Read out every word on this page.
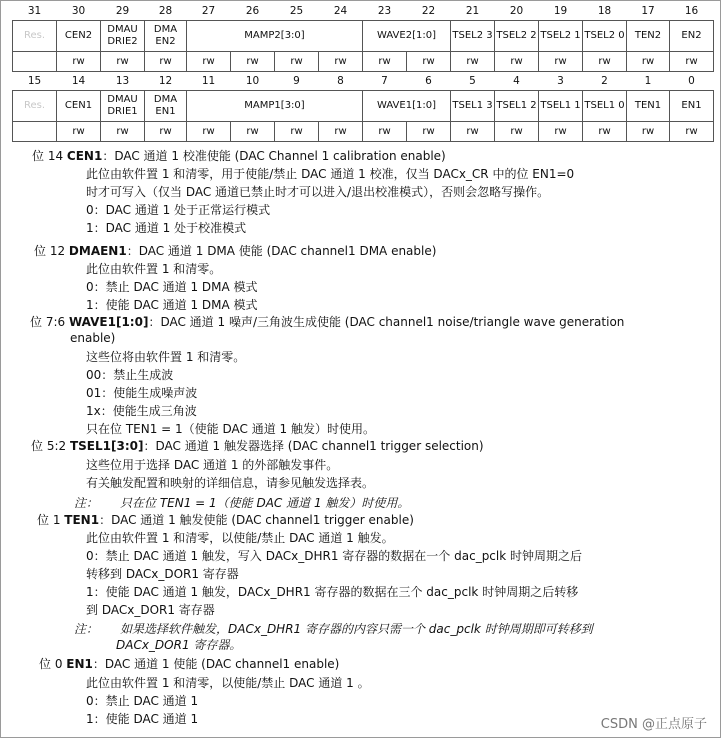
31	30	29	28	27	26	25	24	23	22	21	20	19	18	17	16
Res.	CEN2	DMAU DRIE2	DMA EN2	MAMP2[3:0]				WAVE2[1:0]		TSEL2 3	TSEL2 2	TSEL2 1	TSEL2 0	TEN2	EN2
	rw	rw	rw	rw	rw	rw	rw	rw	rw	rw	rw	rw	rw	rw	rw
15	14	13	12	11	10	9	8	7	6	5	4	3	2	1	0
Res.	CEN1	DMAU DRIE1	DMA EN1	MAMP1[3:0]				WAVE1[1:0]		TSEL1 3	TSEL1 2	TSEL1 1	TSEL1 0	TEN1	EN1
	rw	rw	rw	rw	rw	rw	rw	rw	rw	rw	rw	rw	rw	rw	rw
位 14 CEN1：DAC 通道 1 校准使能 (DAC Channel 1 calibration enable)
此位由软件置 1 和清零，用于使能/禁止 DAC 通道 1 校准，仅当 DACx_CR 中的位 EN1=0
时才可写入（仅当 DAC 通道已禁止时才可以进入/退出校准模式），否则会忽略写操作。
0：DAC 通道 1 处于正常运行模式
1：DAC 通道 1 处于校准模式
位 12 DMAEN1：DAC 通道 1 DMA 使能 (DAC channel1 DMA enable)
此位由软件置 1 和清零。
0：禁止 DAC 通道 1 DMA 模式
1：使能 DAC 通道 1 DMA 模式
位 7:6 WAVE1[1:0]：DAC 通道 1 噪声/三角波生成使能 (DAC channel1 noise/triangle wave generation
enable)
这些位将由软件置 1 和清零。
00：禁止生成波
01：使能生成噪声波
1x：使能生成三角波
只在位 TEN1 = 1（使能 DAC 通道 1 触发）时使用。
位 5:2 TSEL1[3:0]：DAC 通道 1 触发器选择 (DAC channel1 trigger selection)
这些位用于选择 DAC 通道 1 的外部触发事件。
有关触发配置和映射的详细信息，请参见触发选择表。
注： 只在位 TEN1 = 1（使能 DAC 通道 1 触发）时使用。
位 1 TEN1：DAC 通道 1 触发使能 (DAC channel1 trigger enable)
此位由软件置 1 和清零，以使能/禁止 DAC 通道 1 触发。
0：禁止 DAC 通道 1 触发，写入 DACx_DHR1 寄存器的数据在一个 dac_pclk 时钟周期之后
转移到 DACx_DOR1 寄存器
1：使能 DAC 通道 1 触发，DACx_DHR1 寄存器的数据在三个 dac_pclk 时钟周期之后转移
到 DACx_DOR1 寄存器
注： 如果选择软件触发，DACx_DHR1 寄存器的内容只需一个 dac_pclk 时钟周期即可转移到
DACx_DOR1 寄存器。
位 0 EN1：DAC 通道 1 使能 (DAC channel1 enable)
此位由软件置 1 和清零，以使能/禁止 DAC 通道 1 。
0：禁止 DAC 通道 1
1：使能 DAC 通道 1	CSDN @正点原子
